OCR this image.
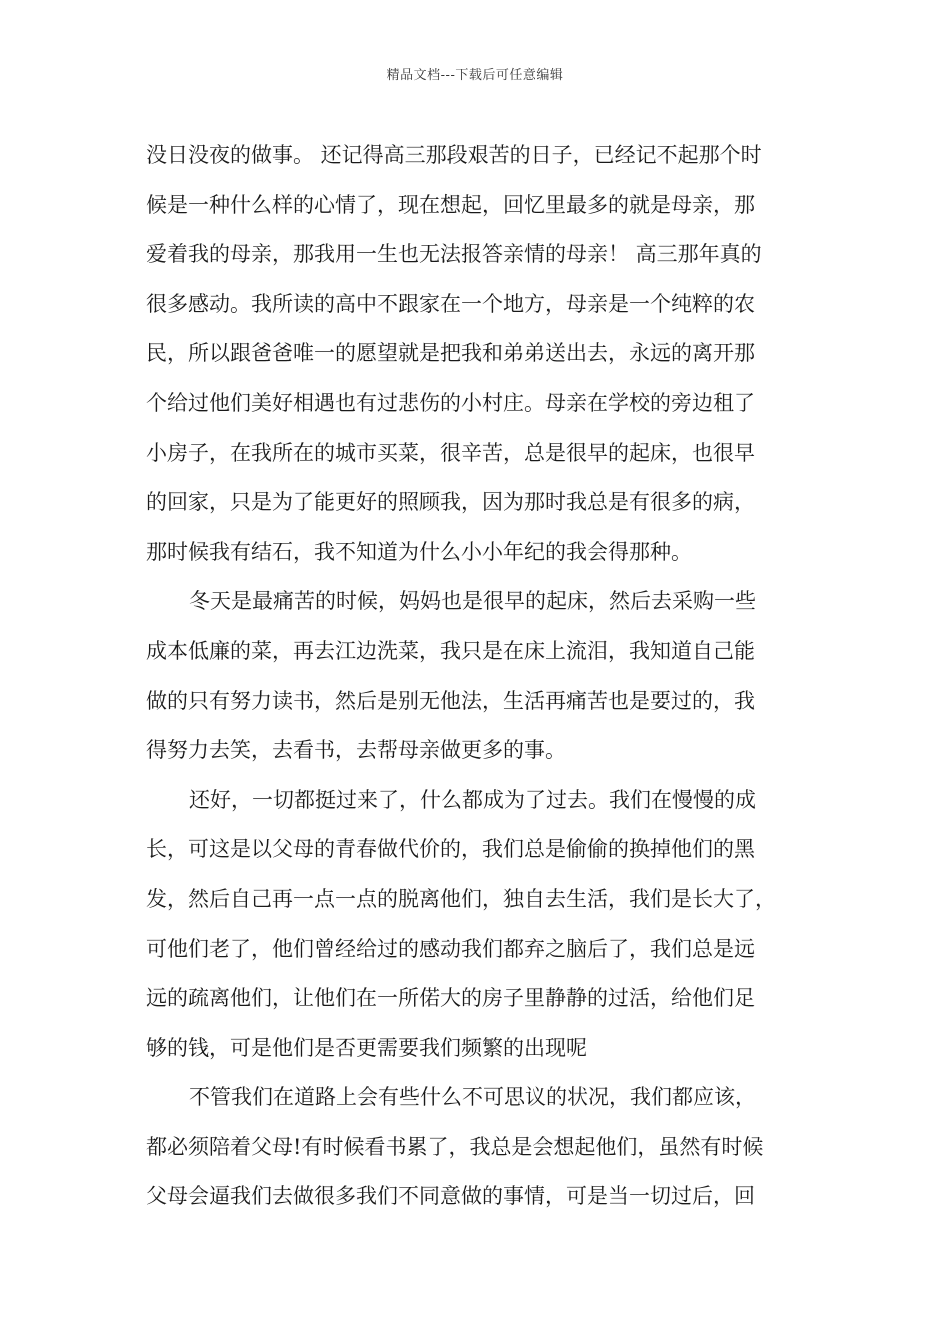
精品文档---下载后可任意编辑
没日没夜的做事。 还记得高三那段艰苦的日子，已经记不起那个时
候是一种什么样的心情了，现在想起，回忆里最多的就是母亲，那
爱着我的母亲，那我用一生也无法报答亲情的母亲！ 高三那年真的
很多感动。我所读的高中不跟家在一个地方，母亲是一个纯粹的农
民，所以跟爸爸唯一的愿望就是把我和弟弟送出去，永远的离开那
个给过他们美好相遇也有过悲伤的小村庄。母亲在学校的旁边租了
小房子，在我所在的城市买菜，很辛苦，总是很早的起床，也很早
的回家，只是为了能更好的照顾我，因为那时我总是有很多的病，
那时候我有结石，我不知道为什么小小年纪的我会得那种。
冬天是最痛苦的时候，妈妈也是很早的起床，然后去采购一些
成本低廉的菜，再去江边洗菜，我只是在床上流泪，我知道自己能
做的只有努力读书，然后是别无他法，生活再痛苦也是要过的，我
得努力去笑，去看书，去帮母亲做更多的事。
还好，一切都挺过来了，什么都成为了过去。我们在慢慢的成
长，可这是以父母的青春做代价的，我们总是偷偷的换掉他们的黑
发，然后自己再一点一点的脱离他们，独自去生活，我们是长大了，
可他们老了，他们曾经给过的感动我们都弃之脑后了，我们总是远
远的疏离他们，让他们在一所偌大的房子里静静的过活，给他们足
够的钱，可是他们是否更需要我们频繁的出现呢
不管我们在道路上会有些什么不可思议的状况，我们都应该，
都必须陪着父母!有时候看书累了，我总是会想起他们，虽然有时候
父母会逼我们去做很多我们不同意做的事情，可是当一切过后，回
